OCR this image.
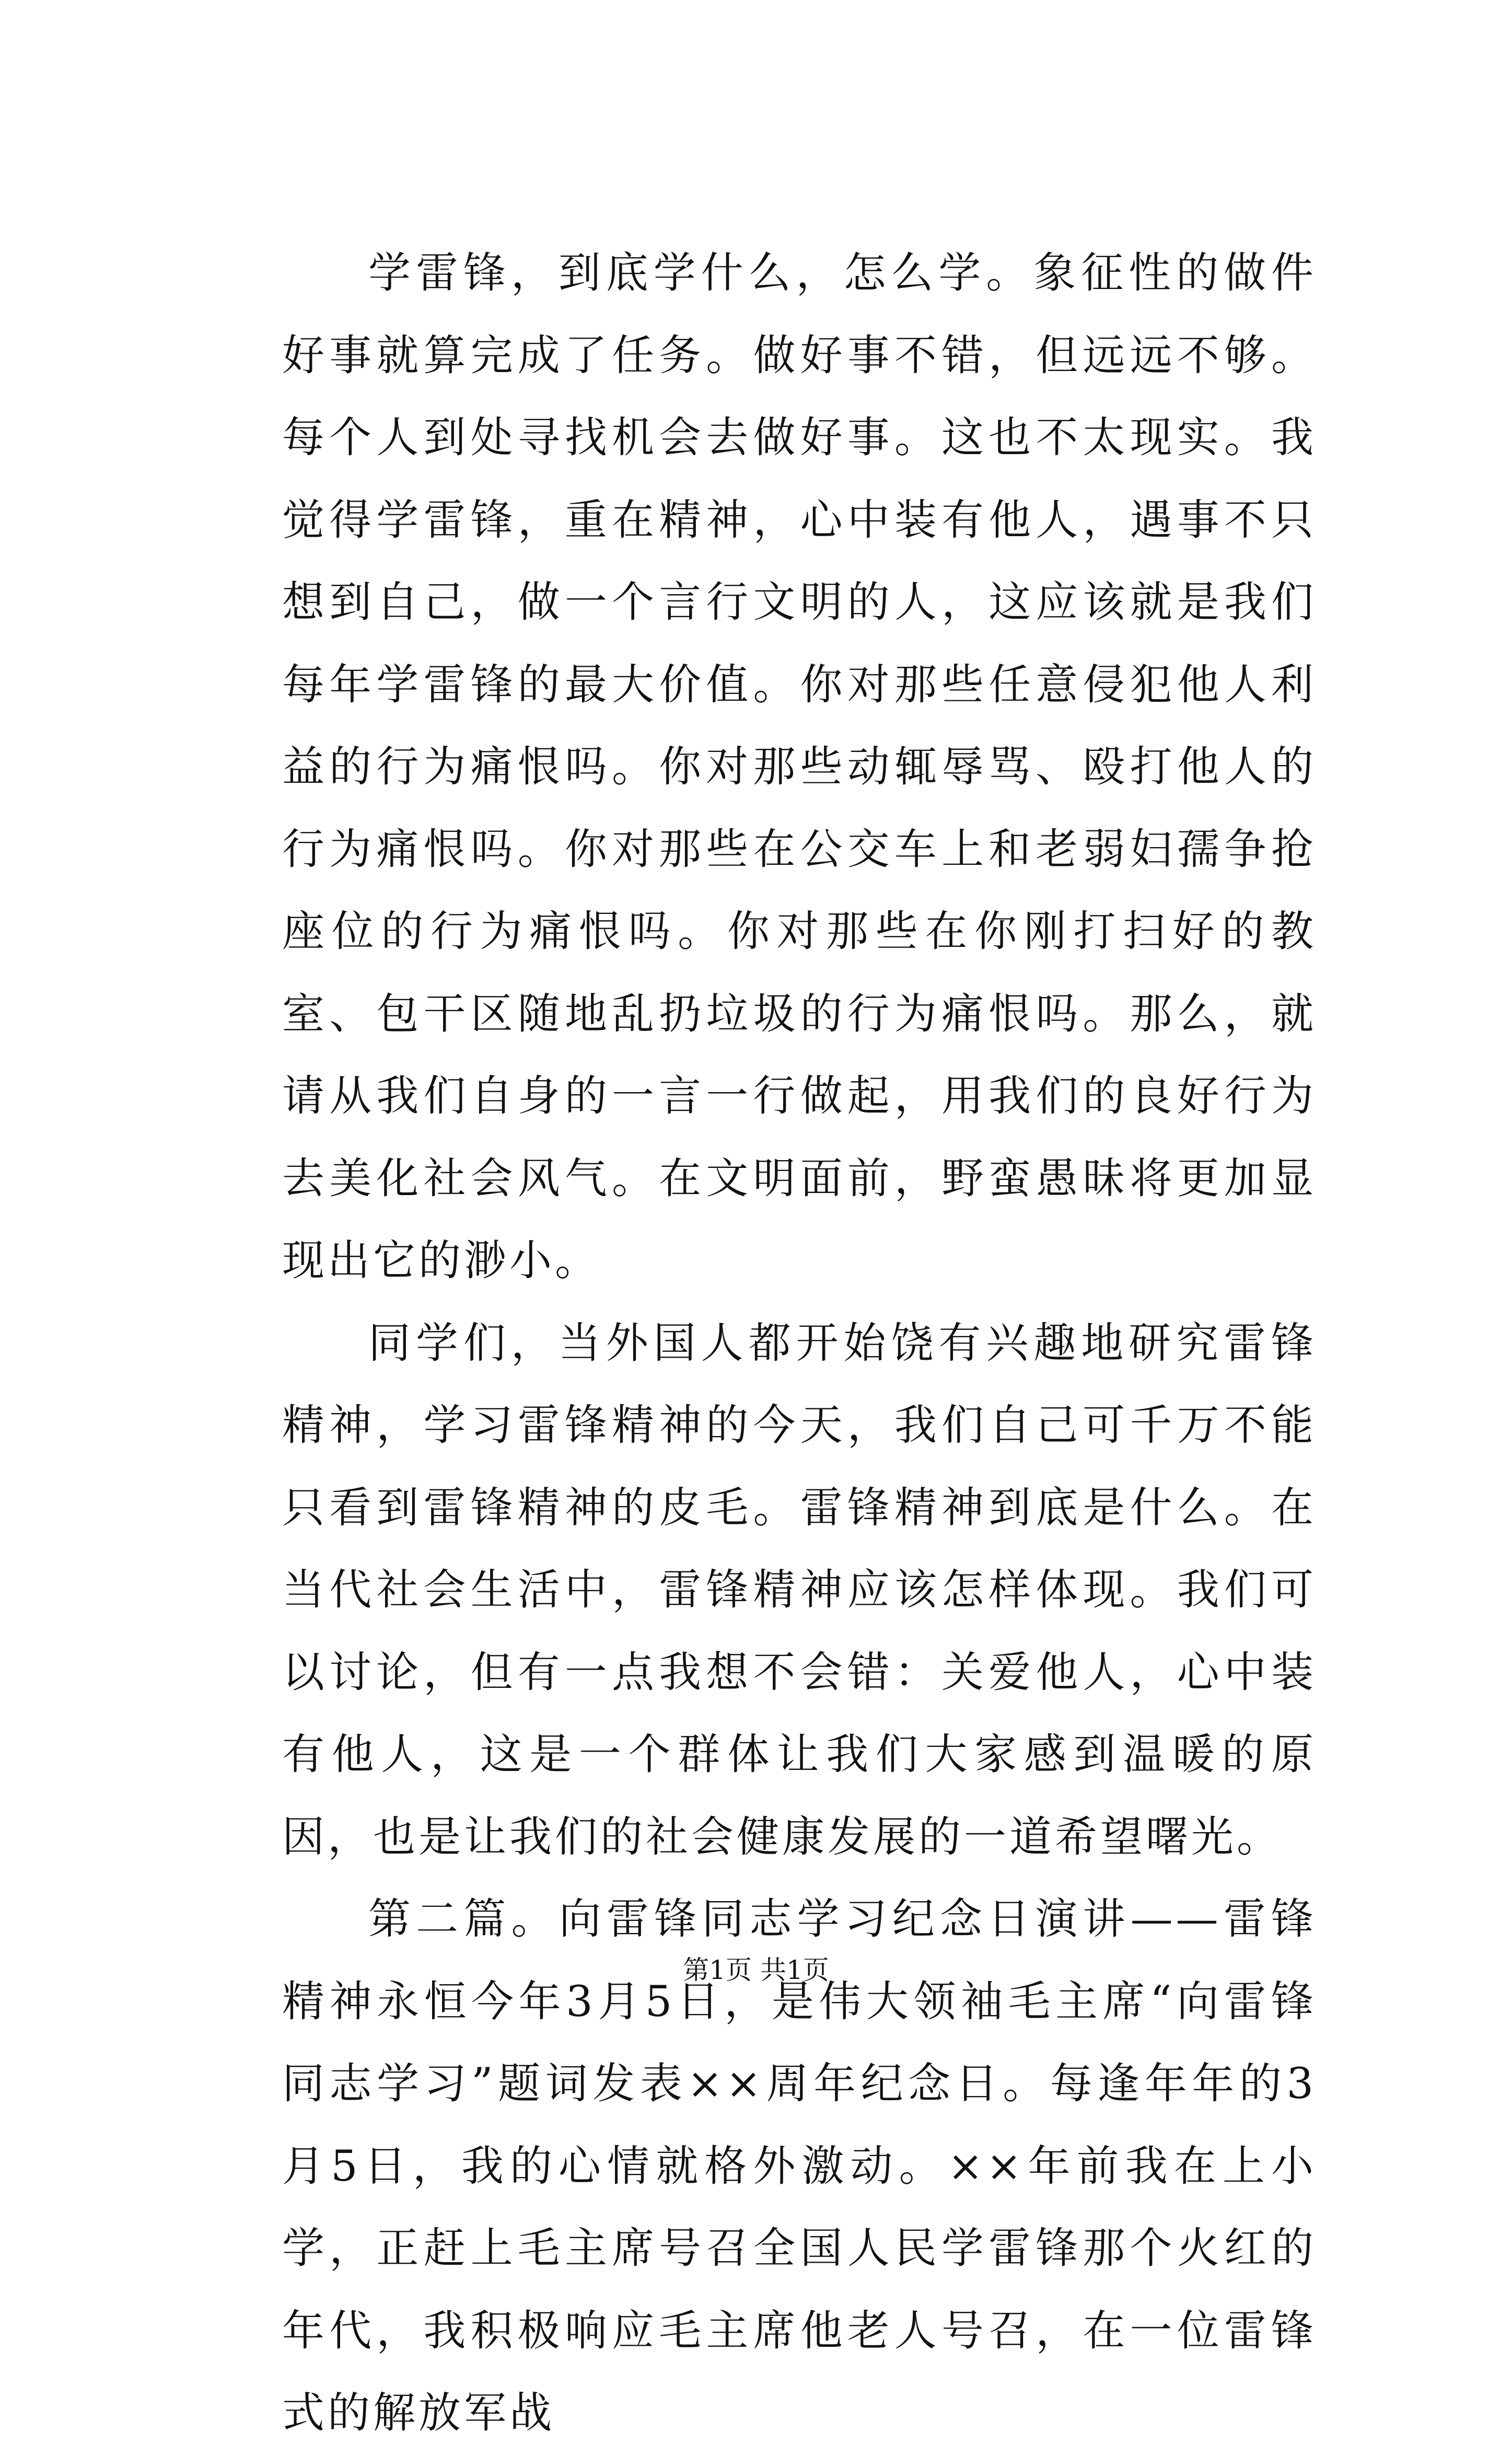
学雷锋，到底学什么，怎么学。象征性的做件好事就算完成了任务。做好事不错，但远远不够。每个人到处寻找机会去做好事。这也不太现实。我觉得学雷锋，重在精神，心中装有他人，遇事不只想到自己，做一个言行文明的人，这应该就是我们每年学雷锋的最大价值。你对那些任意侵犯他人利益的行为痛恨吗。你对那些动辄辱骂、殴打他人的行为痛恨吗。你对那些在公交车上和老弱妇孺争抢座位的行为痛恨吗。你对那些在你刚打扫好的教室、包干区随地乱扔垃圾的行为痛恨吗。那么，就请从我们自身的一言一行做起，用我们的良好行为去美化社会风气。在文明面前，野蛮愚昧将更加显现出它的渺小。

同学们，当外国人都开始饶有兴趣地研究雷锋精神，学习雷锋精神的今天，我们自己可千万不能只看到雷锋精神的皮毛。雷锋精神到底是什么。在当代社会生活中，雷锋精神应该怎样体现。我们可以讨论，但有一点我想不会错：关爱他人，心中装有他人，这是一个群体让我们大家感到温暖的原因，也是让我们的社会健康发展的一道希望曙光。

第二篇。向雷锋同志学习纪念日演讲——雷锋精神永恒今年3月5日，是伟大领袖毛主席“向雷锋同志学习”题词发表××周年纪念日。每逢年年的3月5日，我的心情就格外激动。××年前我在上小学，正赶上毛主席号召全国人民学雷锋那个火红的年代，我积极响应毛主席他老人号召，在一位雷锋式的解放军战

第1页 共1页
